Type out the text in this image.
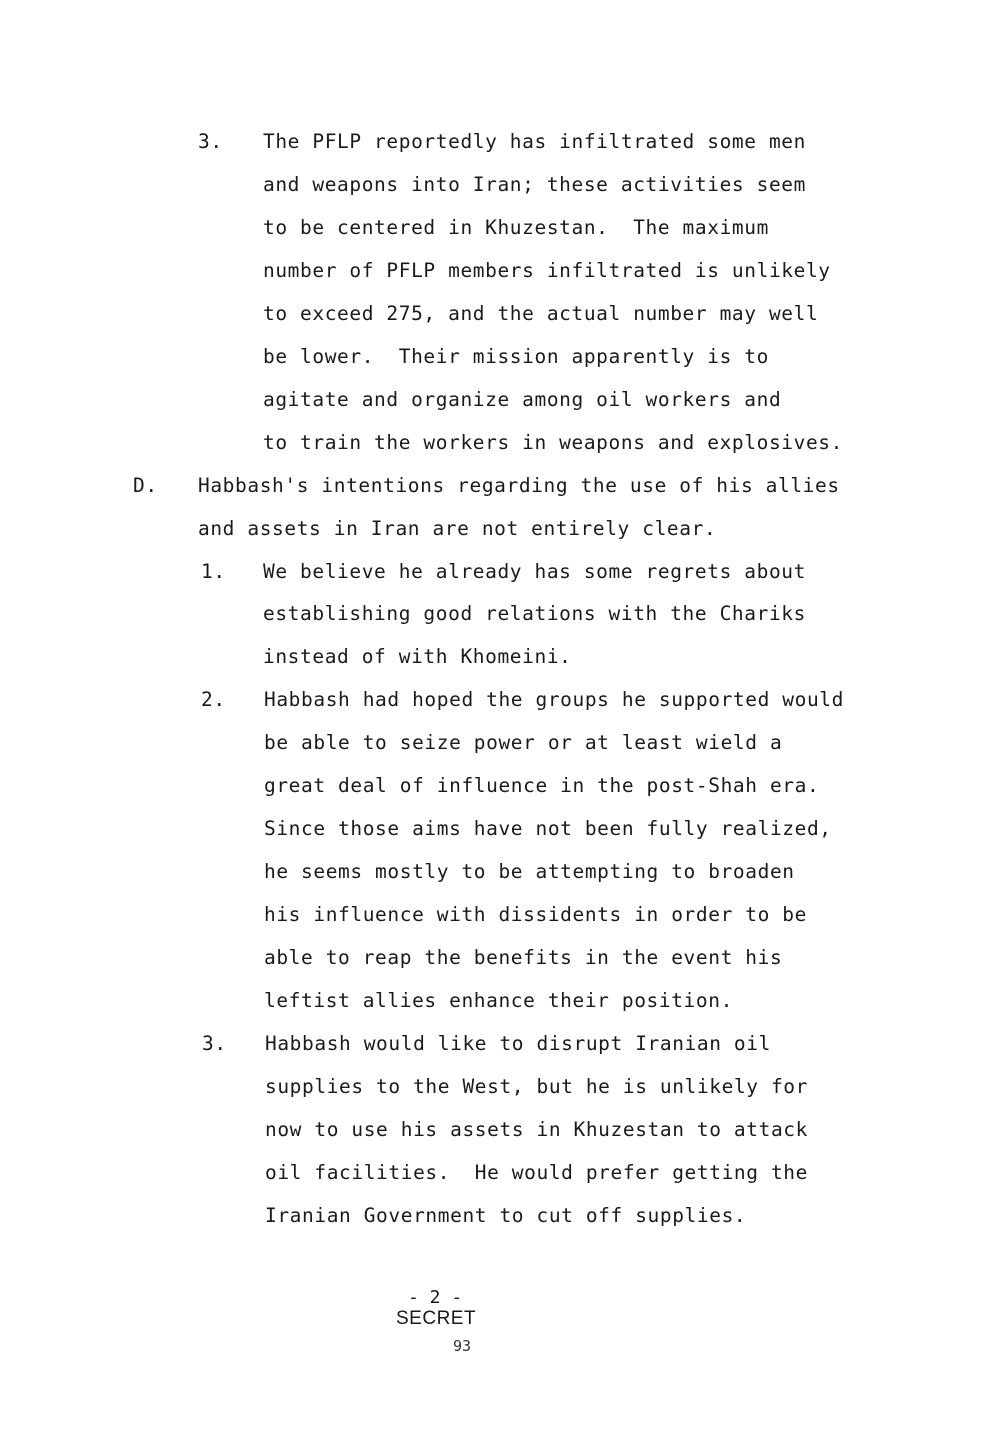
3. The PFLP reportedly has infiltrated some men
and weapons into Iran; these activities seem
to be centered in Khuzestan.  The maximum
number of PFLP members infiltrated is unlikely
to exceed 275, and the actual number may well
be lower.  Their mission apparently is to
agitate and organize among oil workers and
to train the workers in weapons and explosives.
D. Habbash's intentions regarding the use of his allies
and assets in Iran are not entirely clear.
1. We believe he already has some regrets about
establishing good relations with the Chariks
instead of with Khomeini.
2. Habbash had hoped the groups he supported would
be able to seize power or at least wield a
great deal of influence in the post-Shah era.
Since those aims have not been fully realized,
he seems mostly to be attempting to broaden
his influence with dissidents in order to be
able to reap the benefits in the event his
leftist allies enhance their position.
3. Habbash would like to disrupt Iranian oil
supplies to the West, but he is unlikely for
now to use his assets in Khuzestan to attack
oil facilities.  He would prefer getting the
Iranian Government to cut off supplies.
- 2 -
SECRET
93
